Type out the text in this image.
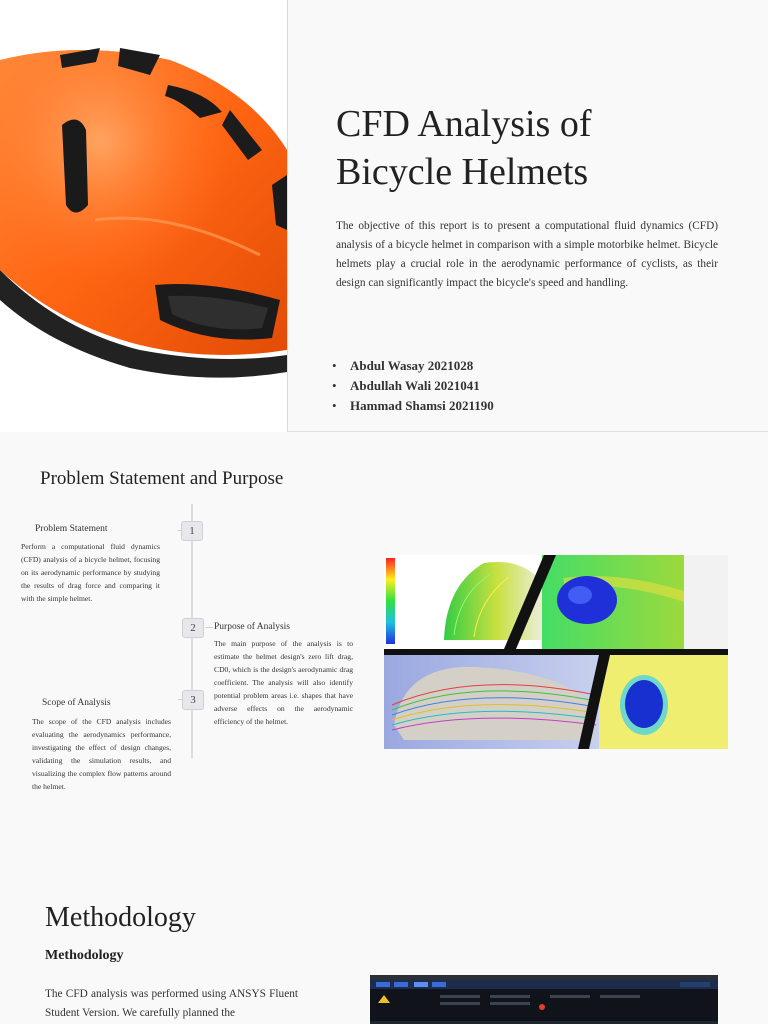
CFD Analysis of
Bicycle Helmets

The objective of this report is to present a computational fluid dynamics (CFD) analysis of a bicycle helmet in comparison with a simple motorbike helmet. Bicycle helmets play a crucial role in the aerodynamic performance of cyclists, as their design can significantly impact the bicycle's speed and handling.

• Abdul Wasay 2021028
• Abdullah Wali 2021041
• Hammad Shamsi 2021190
Problem Statement and Purpose
1

Problem Statement

Perform a computational fluid dynamics (CFD) analysis of a bicycle helmet, focusing on its aerodynamic performance by studying the results of drag force and comparing it with the simple helmet.

2	Purpose of Analysis

The main purpose of the analysis is to estimate the helmet design's zero lift drag, CD0, which is the design's aerodynamic drag coefficient. The analysis will also identify potential problem areas i.e. shapes that have adverse effects on the aerodynamic efficiency of the helmet.

3

Scope of Analysis

The scope of the CFD analysis includes evaluating the aerodynamics performance, investigating the effect of design changes, validating the simulation results, and visualizing the complex flow patterns around the helmet.

Methodology
Methodology

The CFD analysis was performed using ANSYS Fluent Student Version. We carefully planned the
